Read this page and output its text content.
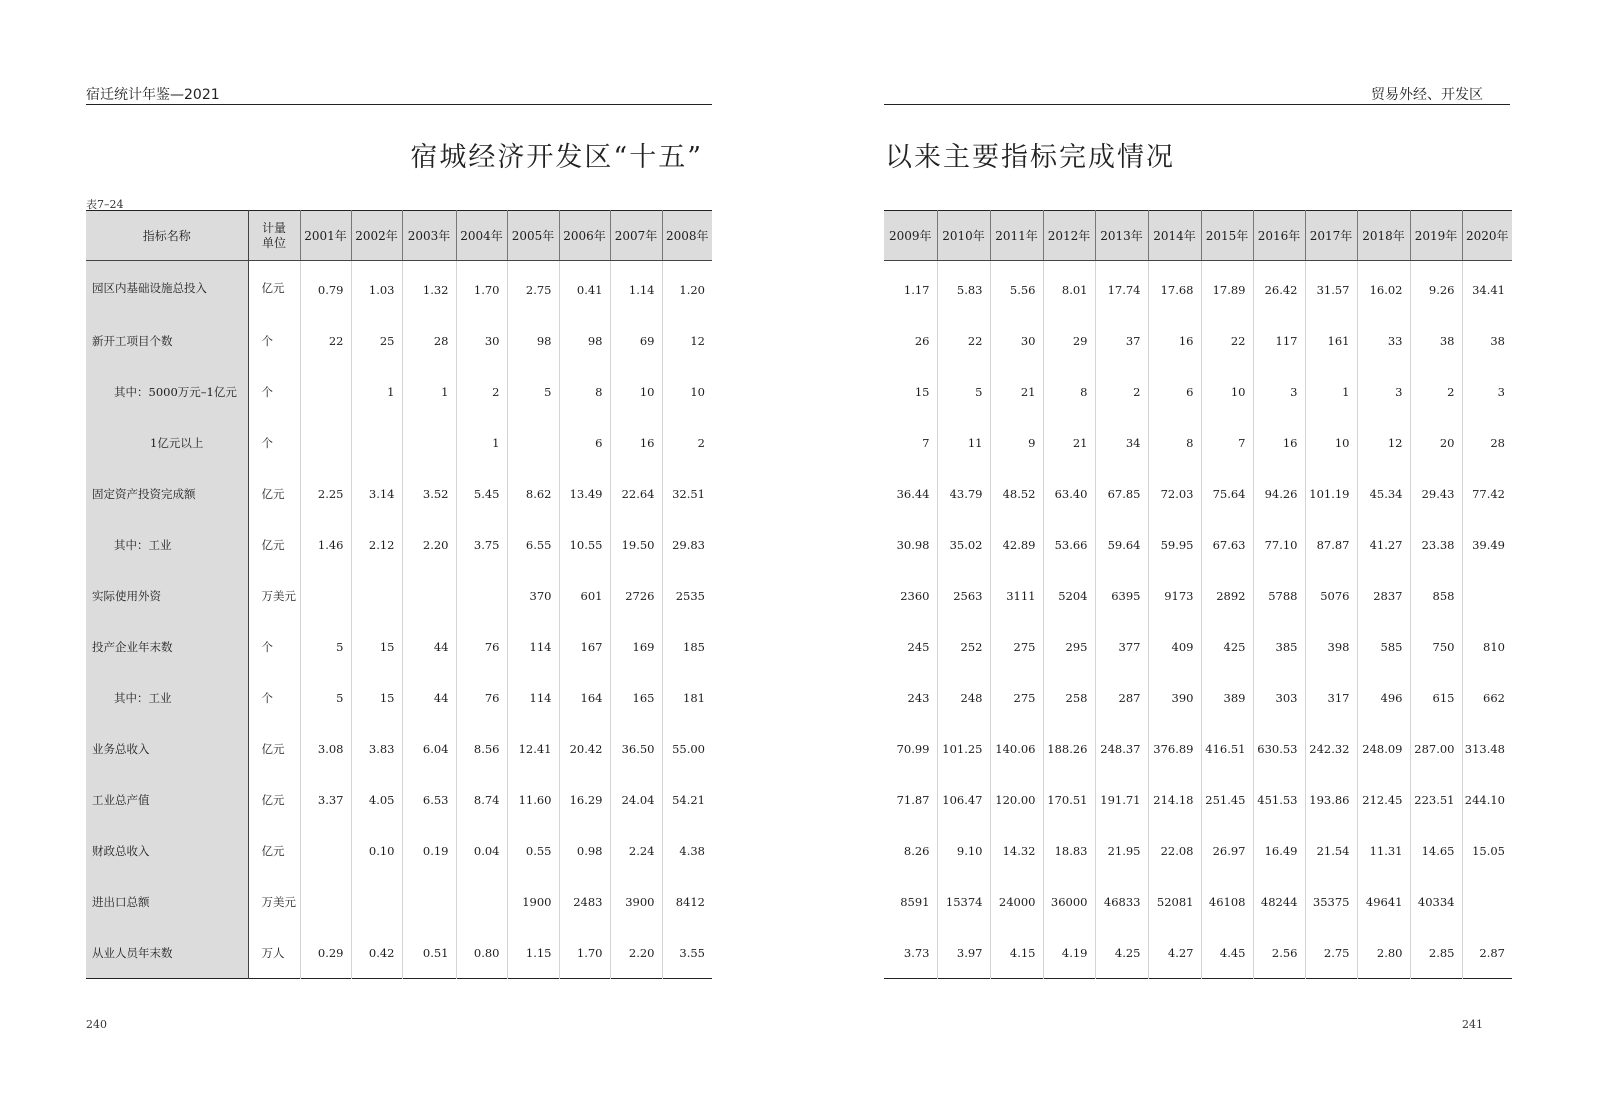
宿迁统计年鉴—2021
宿城经济开发区“十五”
表7–24
指标名称	计量
单位	2001年	2002年	2003年	2004年	2005年	2006年	2007年	2008年
园区内基础设施总投入	亿元	0.79	1.03	1.32	1.70	2.75	0.41	1.14	1.20
新开工项目个数	个	22	25	28	30	98	98	69	12
其中：5000万元–1亿元	个		1	1	2	5	8	10	10
1亿元以上	个				1		6	16	2
固定资产投资完成额	亿元	2.25	3.14	3.52	5.45	8.62	13.49	22.64	32.51
其中：工业	亿元	1.46	2.12	2.20	3.75	6.55	10.55	19.50	29.83
实际使用外资	万美元					370	601	2726	2535
投产企业年末数	个	5	15	44	76	114	167	169	185
其中：工业	个	5	15	44	76	114	164	165	181
业务总收入	亿元	3.08	3.83	6.04	8.56	12.41	20.42	36.50	55.00
工业总产值	亿元	3.37	4.05	6.53	8.74	11.60	16.29	24.04	54.21
财政总收入	亿元		0.10	0.19	0.04	0.55	0.98	2.24	4.38
进出口总额	万美元					1900	2483	3900	8412
从业人员年末数	万人	0.29	0.42	0.51	0.80	1.15	1.70	2.20	3.55
240
贸易外经、开发区
以来主要指标完成情况
2009年	2010年	2011年	2012年	2013年	2014年	2015年	2016年	2017年	2018年	2019年	2020年
1.17	5.83	5.56	8.01	17.74	17.68	17.89	26.42	31.57	16.02	9.26	34.41
26	22	30	29	37	16	22	117	161	33	38	38
15	5	21	8	2	6	10	3	1	3	2	3
7	11	9	21	34	8	7	16	10	12	20	28
36.44	43.79	48.52	63.40	67.85	72.03	75.64	94.26	101.19	45.34	29.43	77.42
30.98	35.02	42.89	53.66	59.64	59.95	67.63	77.10	87.87	41.27	23.38	39.49
2360	2563	3111	5204	6395	9173	2892	5788	5076	2837	858	
245	252	275	295	377	409	425	385	398	585	750	810
243	248	275	258	287	390	389	303	317	496	615	662
70.99	101.25	140.06	188.26	248.37	376.89	416.51	630.53	242.32	248.09	287.00	313.48
71.87	106.47	120.00	170.51	191.71	214.18	251.45	451.53	193.86	212.45	223.51	244.10
8.26	9.10	14.32	18.83	21.95	22.08	26.97	16.49	21.54	11.31	14.65	15.05
8591	15374	24000	36000	46833	52081	46108	48244	35375	49641	40334	
3.73	3.97	4.15	4.19	4.25	4.27	4.45	2.56	2.75	2.80	2.85	2.87
241
